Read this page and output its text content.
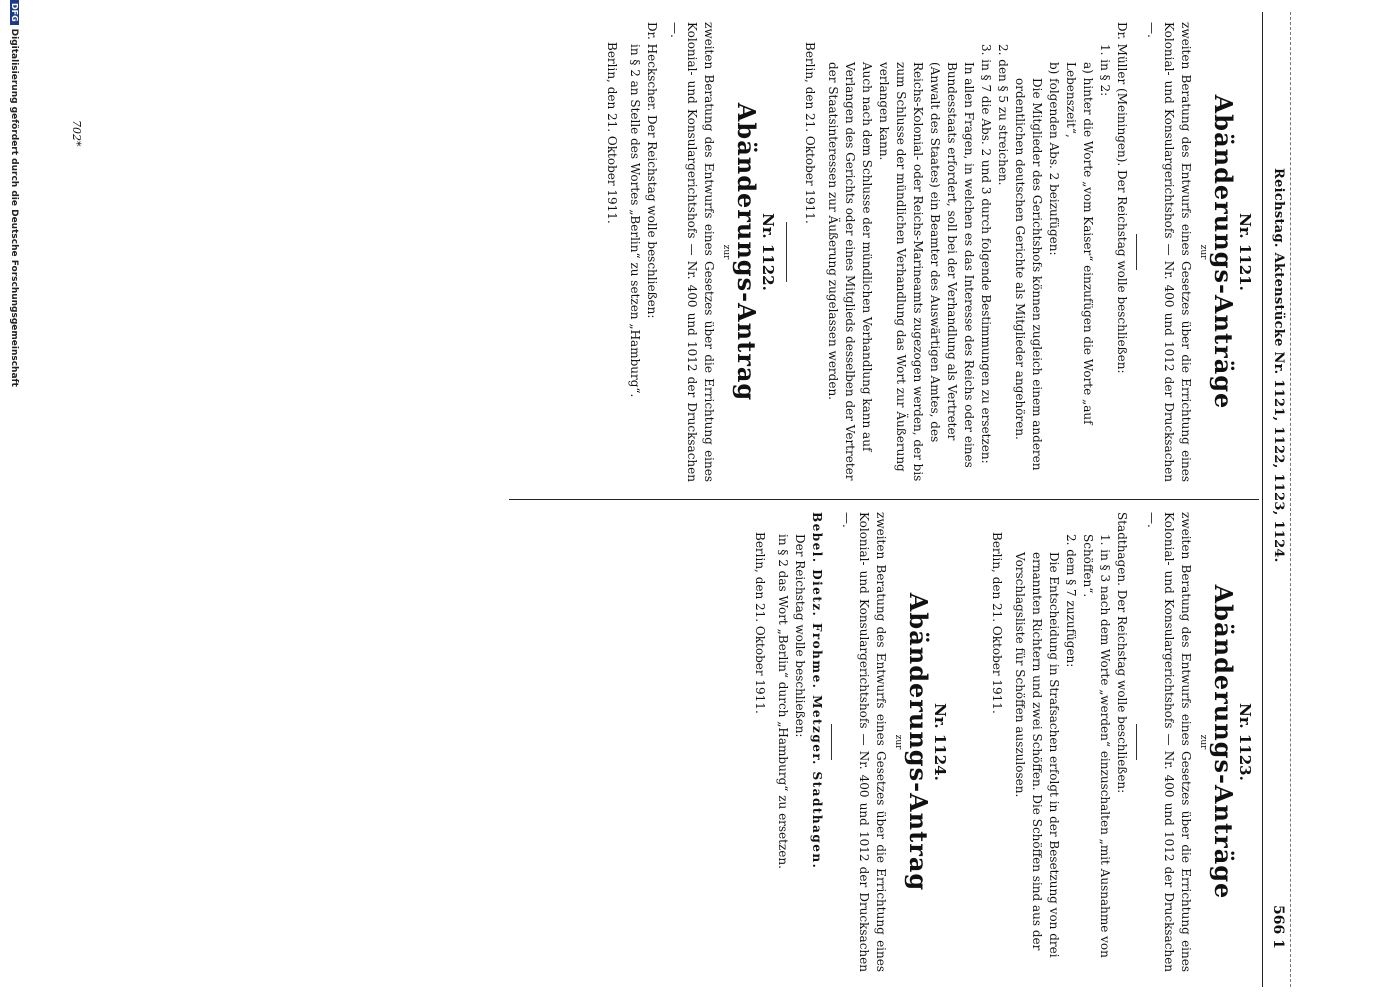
Reichstag. Aktenstücke Nr. 1121, 1122, 1123, 1124.
566 1

Nr. 1121.

Abänderungs-Anträge

zur

zweiten Beratung des Entwurfs eines Gesetzes über die Errichtung eines Kolonial- und Konsulargerichtshofs — Nr. 400 und 1012 der Drucksachen —.

Dr. Müller (Meiningen). Der Reichstag wolle beschließen:

1. in § 2:

a) hinter die Worte „vom Kaiser“ einzufügen die Worte „auf Lebenszeit“,

b) folgenden Abs. 2 beizufügen:

Die Mitglieder des Gerichtshofs können zugleich einem anderen ordentlichen deutschen Gerichte als Mitglieder angehören.

2. den § 5 zu streichen.

3. in § 7 die Abs. 2 und 3 durch folgende Bestimmungen zu ersetzen:

In allen Fragen, in welchen es das Interesse des Reichs oder eines Bundesstaats erfordert, soll bei der Verhandlung als Vertreter (Anwalt des Staates) ein Beamter des Auswärtigen Amtes, des Reichs-Kolonial- oder Reichs-Marineamts zugezogen werden, der bis zum Schlusse der mündlichen Verhandlung das Wort zur Äußerung verlangen kann.

Auch nach dem Schlusse der mündlichen Verhandlung kann auf Verlangen des Gerichts oder eines Mitglieds desselben der Vertreter der Staatsinteressen zur Äußerung zugelassen werden.

Berlin, den 21. Oktober 1911.

Nr. 1122.

Abänderungs-Antrag

zur

zweiten Beratung des Entwurfs eines Gesetzes über die Errichtung eines Kolonial- und Konsulargerichtshofs — Nr. 400 und 1012 der Drucksachen —.

Dr. Heckscher. Der Reichstag wolle beschließen:

in § 2 an Stelle des Wortes „Berlin“ zu setzen „Hamburg“.

Berlin, den 21. Oktober 1911.

Nr. 1123.

Abänderungs-Anträge

zur

zweiten Beratung des Entwurfs eines Gesetzes über die Errichtung eines Kolonial- und Konsulargerichtshofs — Nr. 400 und 1012 der Drucksachen —.

Stadthagen. Der Reichstag wolle beschließen:

1. in § 3 nach dem Worte „werden“ einzuschalten „mit Ausnahme von Schöffen“.

2. dem § 7 zuzufügen:

Die Entscheidung in Strafsachen erfolgt in der Besetzung von drei ernannten Richtern und zwei Schöffen. Die Schöffen sind aus der Vorschlagsliste für Schöffen auszulosen.

Berlin, den 21. Oktober 1911.

Nr. 1124.

Abänderungs-Antrag

zur

zweiten Beratung des Entwurfs eines Gesetzes über die Errichtung eines Kolonial- und Konsulargerichtshofs — Nr. 400 und 1012 der Drucksachen —.

Bebel. Dietz. Frohme. Metzger. Stadthagen.

Der Reichstag wolle beschließen:

in § 2 das Wort „Berlin“ durch „Hamburg“ zu ersetzen.

Berlin, den 21. Oktober 1911.

702*
DFGDigitalisierung gefördert durch die Deutsche Forschungsgemeinschaft
